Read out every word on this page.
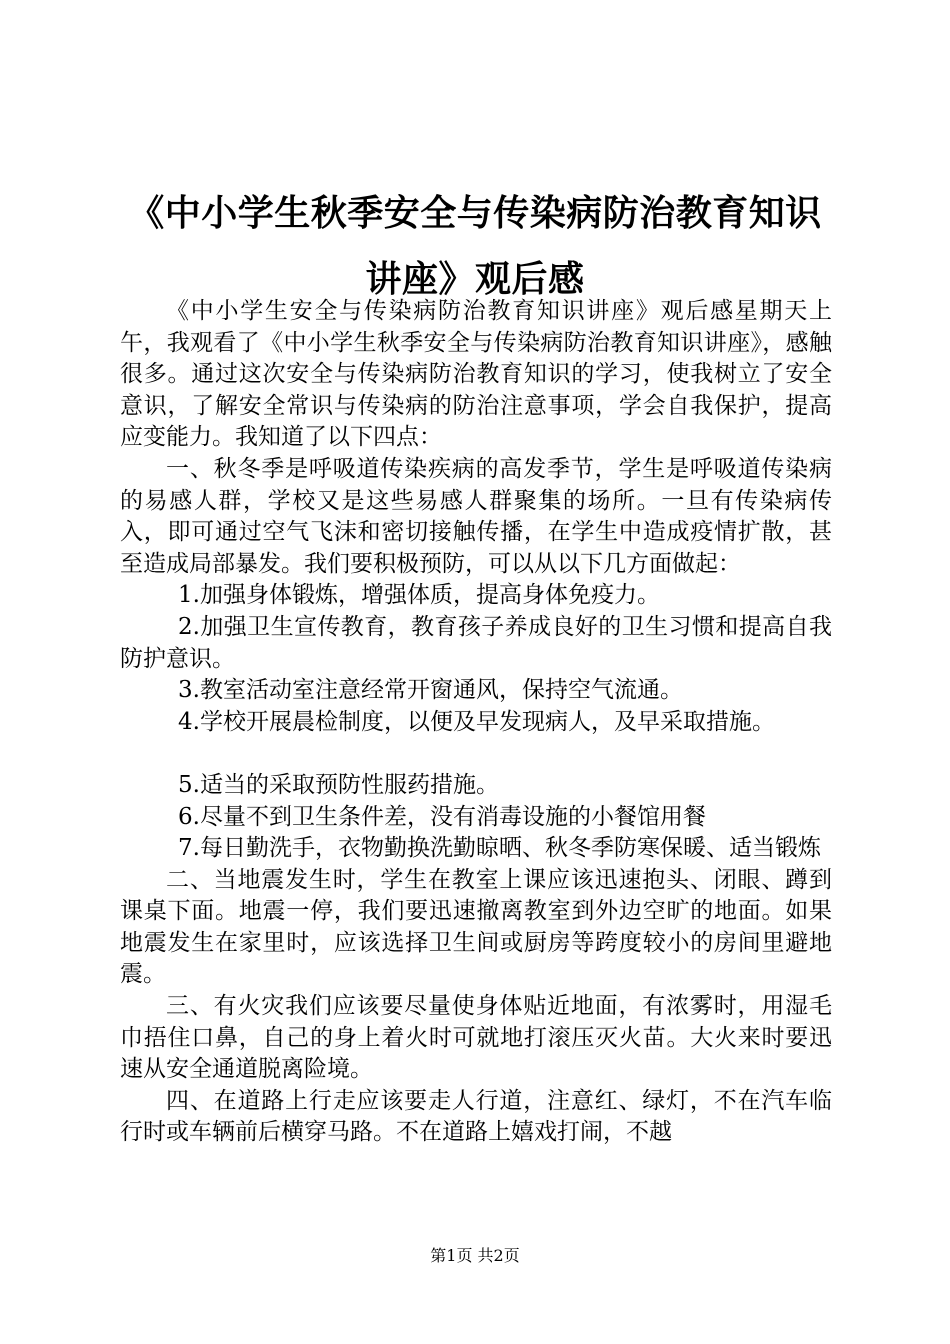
《中小学生秋季安全与传染病防治教育知识讲座》观后感

《中小学生安全与传染病防治教育知识讲座》观后感星期天上午，我观看了《中小学生秋季安全与传染病防治教育知识讲座》，感触很多。通过这次安全与传染病防治教育知识的学习，使我树立了安全意识，了解安全常识与传染病的防治注意事项，学会自我保护，提高应变能力。我知道了以下四点：

一、秋冬季是呼吸道传染疾病的高发季节，学生是呼吸道传染病的易感人群，学校又是这些易感人群聚集的场所。一旦有传染病传入，即可通过空气飞沫和密切接触传播，在学生中造成疫情扩散，甚至造成局部暴发。我们要积极预防，可以从以下几方面做起：

1.加强身体锻炼，增强体质，提高身体免疫力。

2.加强卫生宣传教育，教育孩子养成良好的卫生习惯和提高自我防护意识。

3.教室活动室注意经常开窗通风，保持空气流通。

4.学校开展晨检制度，以便及早发现病人，及早采取措施。

5.适当的采取预防性服药措施。

6.尽量不到卫生条件差，没有消毒设施的小餐馆用餐

7.每日勤洗手，衣物勤换洗勤晾晒、秋冬季防寒保暖、适当锻炼

二、当地震发生时，学生在教室上课应该迅速抱头、闭眼、蹲到课桌下面。地震一停，我们要迅速撤离教室到外边空旷的地面。如果地震发生在家里时，应该选择卫生间或厨房等跨度较小的房间里避地震。

三、有火灾我们应该要尽量使身体贴近地面，有浓雾时，用湿毛巾捂住口鼻，自己的身上着火时可就地打滚压灭火苗。大火来时要迅速从安全通道脱离险境。

四、在道路上行走应该要走人行道，注意红、绿灯，不在汽车临行时或车辆前后横穿马路。不在道路上嬉戏打闹，不越

第1页 共2页
